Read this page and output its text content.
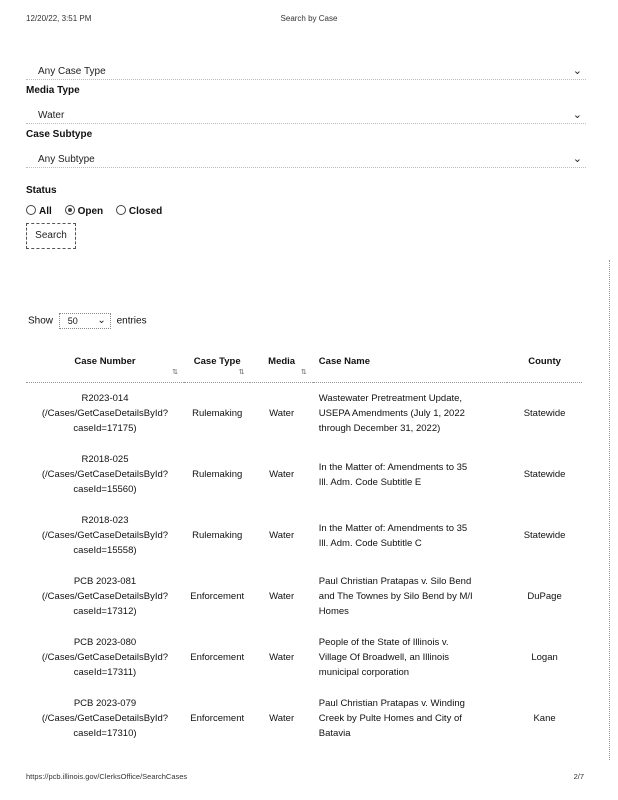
12/20/22, 3:51 PM	Search by Case
Any Case Type	⌄
Media Type
Water	⌄
Case Subtype
Any Subtype	⌄
Status
All	Open	Closed
Search
Show 50 ⌄ entries
Case Number
⇅	Case Type
⇅	Media
⇅	Case Name	County
R2023-014
(/Cases/GetCaseDetailsById?
caseId=17175)	Rulemaking	Water	Wastewater Pretreatment Update,
USEPA Amendments (July 1, 2022
through December 31, 2022)	Statewide
R2018-025
(/Cases/GetCaseDetailsById?
caseId=15560)	Rulemaking	Water	In the Matter of: Amendments to 35
Ill. Adm. Code Subtitle E	Statewide
R2018-023
(/Cases/GetCaseDetailsById?
caseId=15558)	Rulemaking	Water	In the Matter of: Amendments to 35
Ill. Adm. Code Subtitle C	Statewide
PCB 2023-081
(/Cases/GetCaseDetailsById?
caseId=17312)	Enforcement	Water	Paul Christian Pratapas v. Silo Bend
and The Townes by Silo Bend by M/I
Homes	DuPage
PCB 2023-080
(/Cases/GetCaseDetailsById?
caseId=17311)	Enforcement	Water	People of the State of Illinois v.
Village Of Broadwell, an Illinois
municipal corporation	Logan
PCB 2023-079
(/Cases/GetCaseDetailsById?
caseId=17310)	Enforcement	Water	Paul Christian Pratapas v. Winding
Creek by Pulte Homes and City of
Batavia	Kane
https://pcb.illinois.gov/ClerksOffice/SearchCases	2/7
